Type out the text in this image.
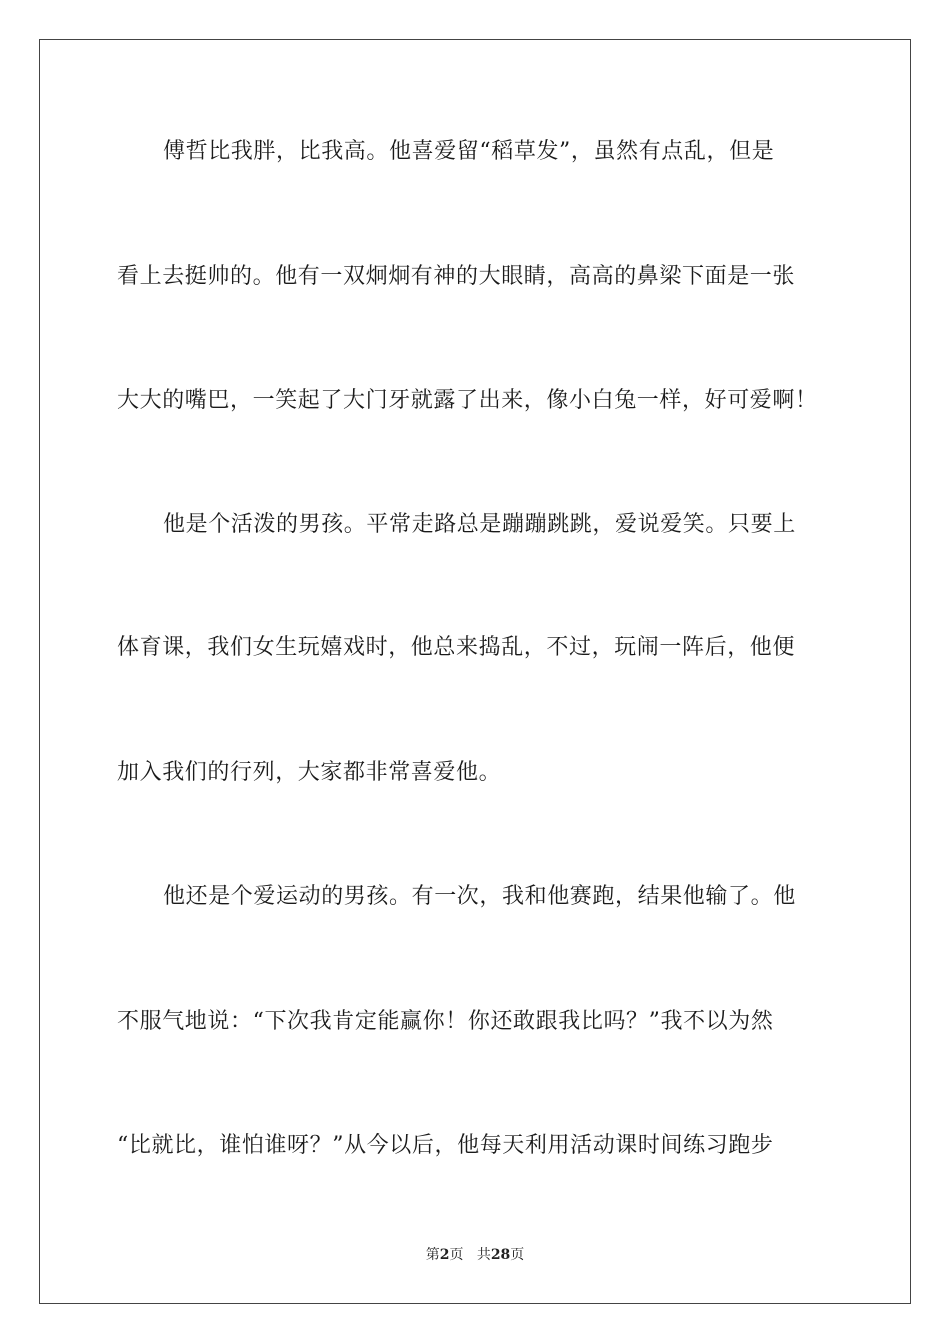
傅哲比我胖，比我高。他喜爱留“稻草发”，虽然有点乱，但是
看上去挺帅的。他有一双炯炯有神的大眼睛，高高的鼻梁下面是一张
大大的嘴巴，一笑起了大门牙就露了出来，像小白兔一样，好可爱啊！
他是个活泼的男孩。平常走路总是蹦蹦跳跳，爱说爱笑。只要上
体育课，我们女生玩嬉戏时，他总来捣乱，不过，玩闹一阵后，他便
加入我们的行列，大家都非常喜爱他。
他还是个爱运动的男孩。有一次，我和他赛跑，结果他输了。他
不服气地说：“下次我肯定能赢你！你还敢跟我比吗？”我不以为然
“比就比，谁怕谁呀？”从今以后，他每天利用活动课时间练习跑步
第2页 共28页
